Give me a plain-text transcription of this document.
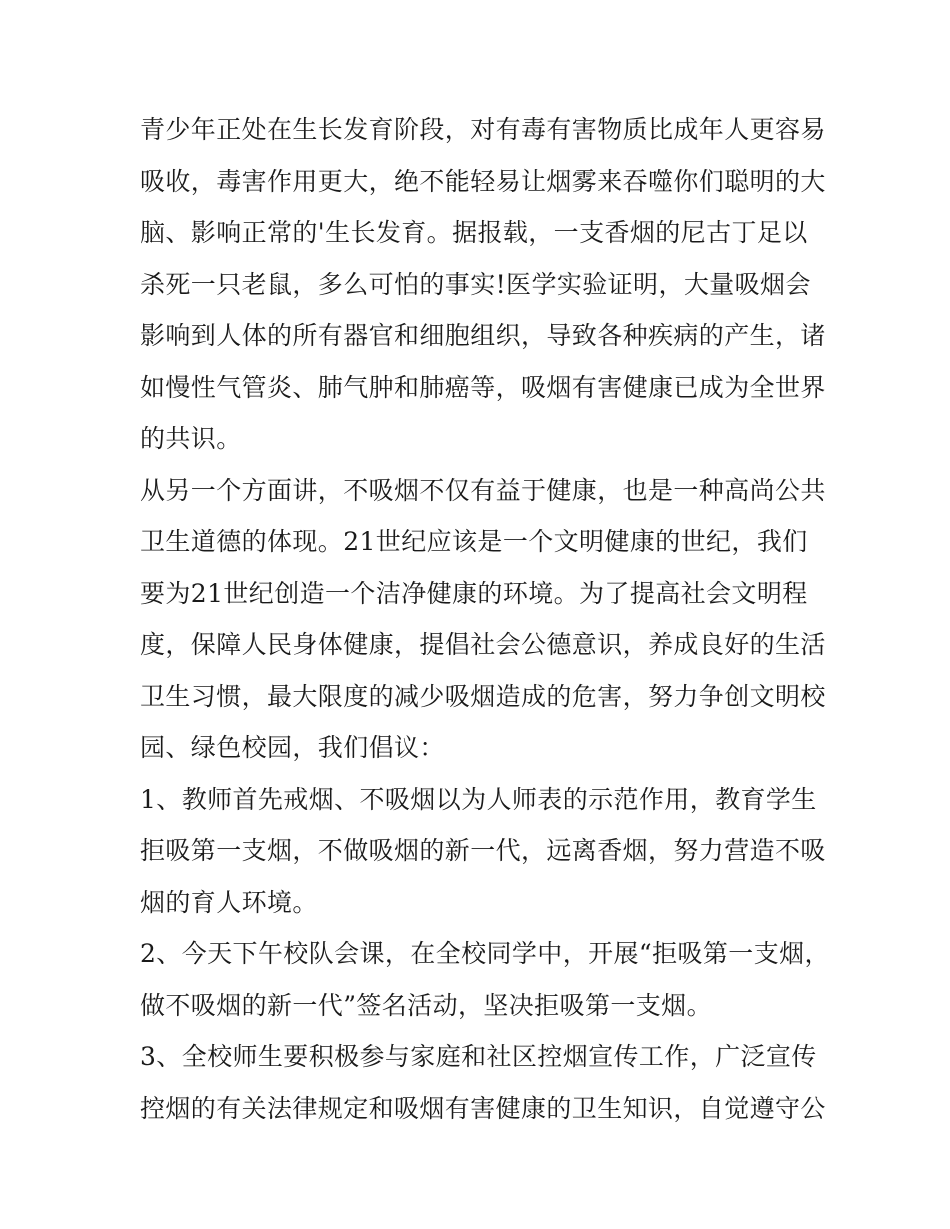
青少年正处在生长发育阶段，对有毒有害物质比成年人更容易
吸收，毒害作用更大，绝不能轻易让烟雾来吞噬你们聪明的大
脑、影响正常的'生长发育。据报载，一支香烟的尼古丁足以
杀死一只老鼠，多么可怕的事实!医学实验证明，大量吸烟会
影响到人体的所有器官和细胞组织，导致各种疾病的产生，诸
如慢性气管炎、肺气肿和肺癌等，吸烟有害健康已成为全世界
的共识。
从另一个方面讲，不吸烟不仅有益于健康，也是一种高尚公共
卫生道德的体现。21世纪应该是一个文明健康的世纪，我们
要为21世纪创造一个洁净健康的环境。为了提高社会文明程
度，保障人民身体健康，提倡社会公德意识，养成良好的生活
卫生习惯，最大限度的减少吸烟造成的危害，努力争创文明校
园、绿色校园，我们倡议：
1、教师首先戒烟、不吸烟以为人师表的示范作用，教育学生
拒吸第一支烟，不做吸烟的新一代，远离香烟，努力营造不吸
烟的育人环境。
2、今天下午校队会课，在全校同学中，开展“拒吸第一支烟，
做不吸烟的新一代”签名活动，坚决拒吸第一支烟。
3、全校师生要积极参与家庭和社区控烟宣传工作，广泛宣传
控烟的有关法律规定和吸烟有害健康的卫生知识，自觉遵守公
